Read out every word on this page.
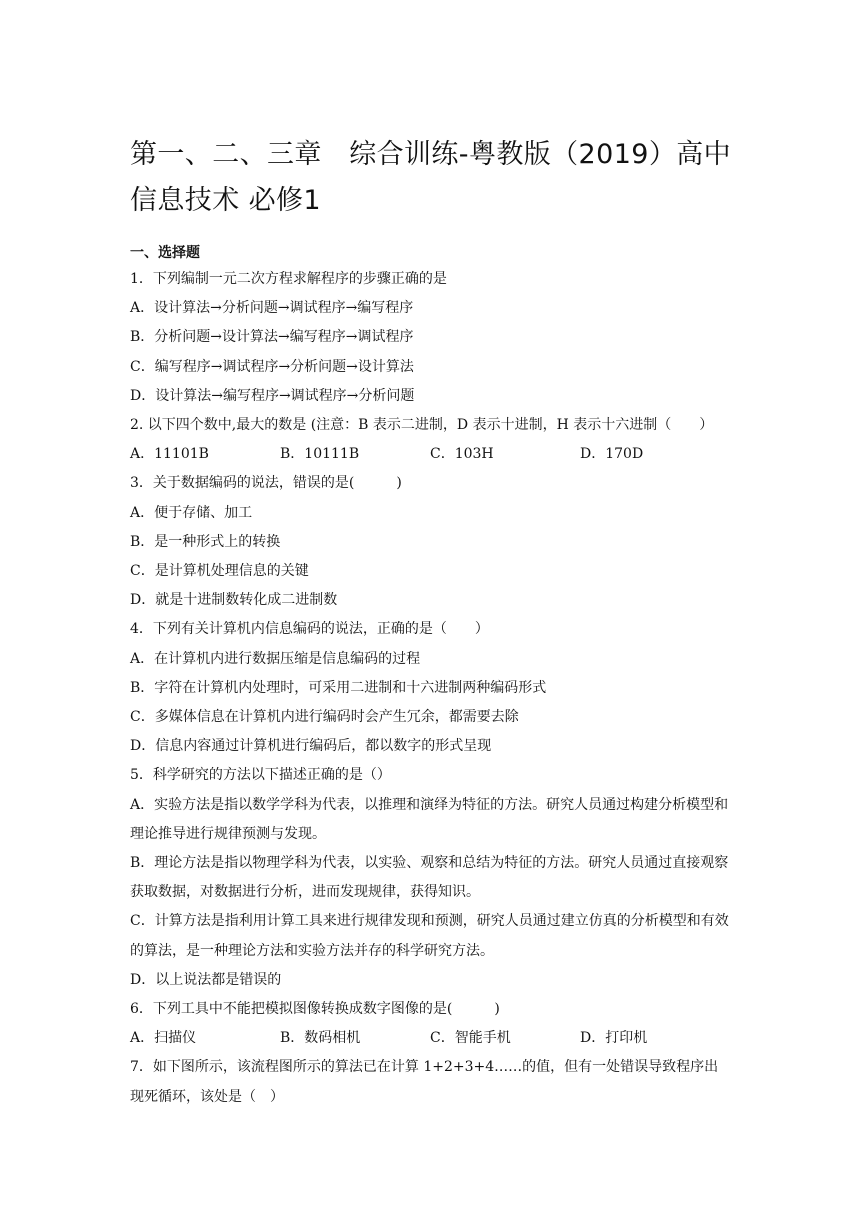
第一、二、三章　综合训练-粤教版（2019）高中信息技术 必修1
一、选择题

1．下列编制一元二次方程求解程序的步骤正确的是

A．设计算法→分析问题→调试程序→编写程序

B．分析问题→设计算法→编写程序→调试程序

C．编写程序→调试程序→分析问题→设计算法

D．设计算法→编写程序→调试程序→分析问题

2. 以下四个数中,最大的数是 (注意：B 表示二进制，D 表示十进制，H 表示十六进制（　　）

A．11101B	B．10111B	C．103H	D．170D

3．关于数据编码的说法，错误的是(　　　)

A．便于存储、加工

B．是一种形式上的转换

C．是计算机处理信息的关键

D．就是十进制数转化成二进制数

4．下列有关计算机内信息编码的说法，正确的是（　　）

A．在计算机内进行数据压缩是信息编码的过程

B．字符在计算机内处理时，可采用二进制和十六进制两种编码形式

C．多媒体信息在计算机内进行编码时会产生冗余，都需要去除

D．信息内容通过计算机进行编码后，都以数字的形式呈现

5．科学研究的方法以下描述正确的是（）

A．实验方法是指以数学学科为代表，以推理和演绎为特征的方法。研究人员通过构建分析模型和理论推导进行规律预测与发现。

B．理论方法是指以物理学科为代表，以实验、观察和总结为特征的方法。研究人员通过直接观察获取数据，对数据进行分析，进而发现规律，获得知识。

C．计算方法是指利用计算工具来进行规律发现和预测，研究人员通过建立仿真的分析模型和有效的算法，是一种理论方法和实验方法并存的科学研究方法。

D．以上说法都是错误的

6．下列工具中不能把模拟图像转换成数字图像的是(　　　)

A．扫描仪	B．数码相机	C．智能手机	D．打印机

7．如下图所示，该流程图所示的算法已在计算 1+2+3+4……的值，但有一处错误导致程序出现死循环，该处是（　）
